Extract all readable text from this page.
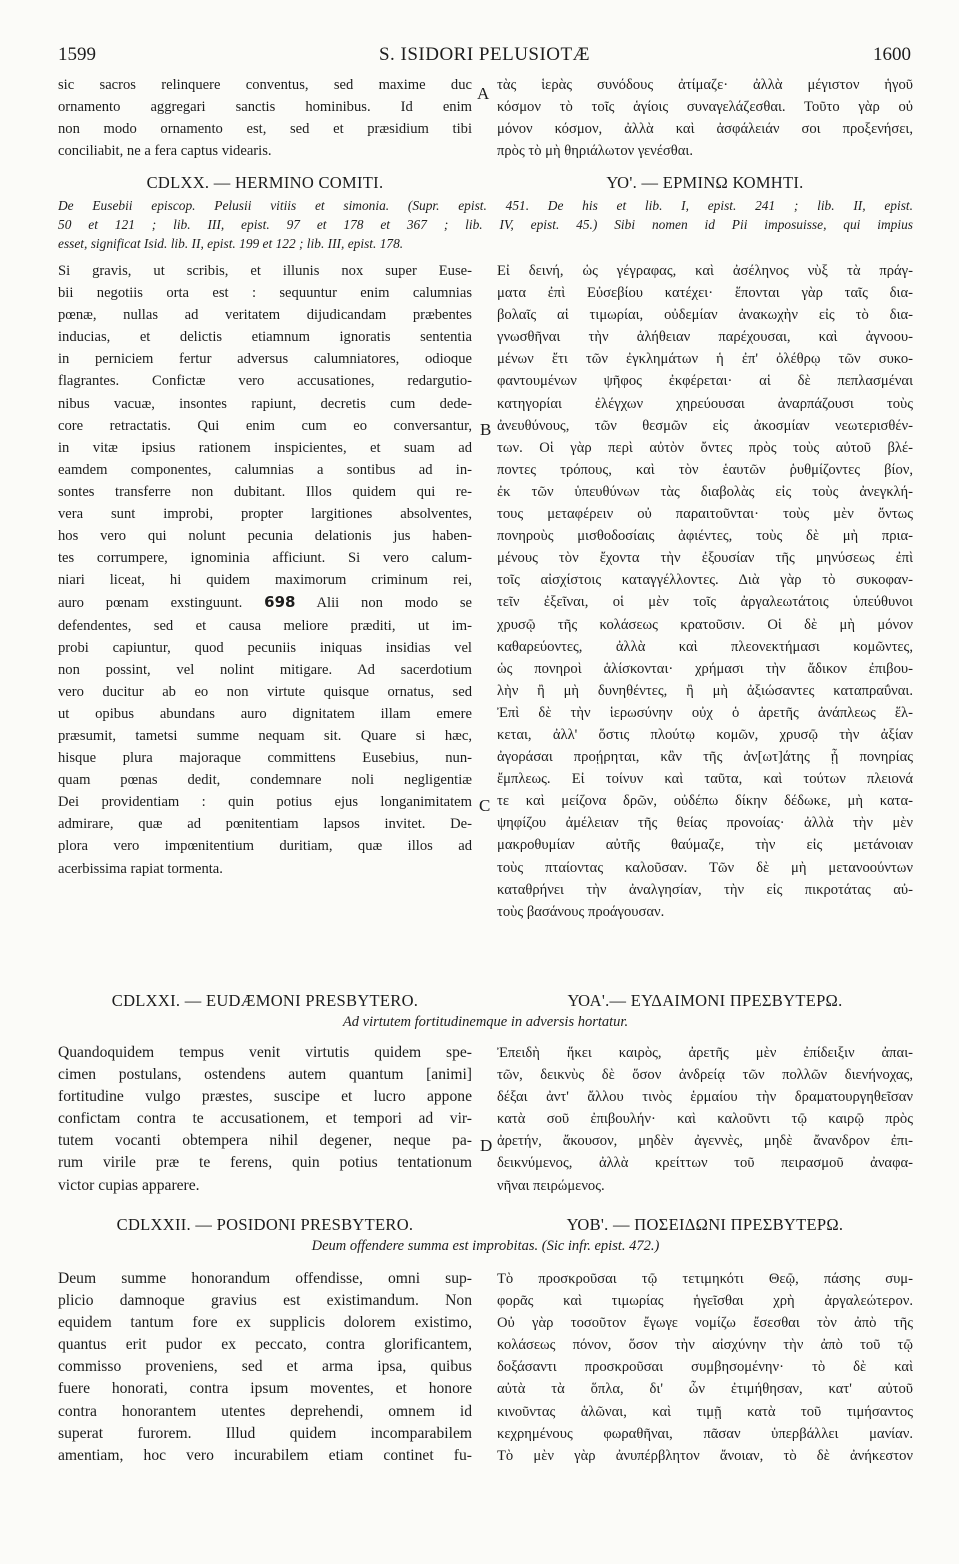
1599	S. ISIDORI PELUSIOTÆ	1600
A
B
C
D
sic sacros relinquere conventus, sed maxime duc
ornamento aggregari sanctis hominibus. Id enim
non modo ornamento est, sed et præsidium tibi
conciliabit, ne a fera captus videaris.
τὰς ἱερὰς συνόδους ἀτίμαζε· ἀλλὰ μέγιστον ἡγοῦ
κόσμον τὸ τοῖς ἁγίοις συναγελάζεσθαι. Τοῦτο γὰρ οὐ
μόνον κόσμον, ἀλλὰ καὶ ἀσφάλειάν σοι προξενήσει,
πρὸς τὸ μὴ θηριάλωτον γενέσθαι.
CDLXX. — HERMINO COMITI.	ΥΟ'. — ΕΡΜΙΝΩ ΚΟΜΗΤΙ.
De Eusebii episcop. Pelusii vitiis et simonia. (Supr. epist. 451. De his et lib. I, epist. 241 ; lib. II, epist.
50 et 121 ; lib. III, epist. 97 et 178 et 367 ; lib. IV, epist. 45.) Sibi nomen id Pii imposuisse, qui impius
esset, significat Isid. lib. II, epist. 199 et 122 ; lib. III, epist. 178.
Si gravis, ut scribis, et illunis nox super Euse-
bii negotiis orta est : sequuntur enim calumnias
pœnæ, nullas ad veritatem dijudicandam præbentes
inducias, et delictis etiamnum ignoratis sententia
in perniciem fertur adversus calumniatores, odioque
flagrantes. Confictæ vero accusationes, redargutio-
nibus vacuæ, insontes rapiunt, decretis cum dede-
core retractatis. Qui enim cum eo conversantur,
in vitæ ipsius rationem inspicientes, et suam ad
eamdem componentes, calumnias a sontibus ad in-
sontes transferre non dubitant. Illos quidem qui re-
vera sunt improbi, propter largitiones absolventes,
hos vero qui nolunt pecunia delationis jus haben-
tes corrumpere, ignominia afficiunt. Si vero calum-
niari liceat, hi quidem maximorum criminum rei,
auro pœnam exstinguunt. 698 Alii non modo se
defendentes, sed et causa meliore præditi, ut im-
probi capiuntur, quod pecuniis iniquas insidias vel
non possint, vel nolint mitigare. Ad sacerdotium
vero ducitur ab eo non virtute quisque ornatus, sed
ut opibus abundans auro dignitatem illam emere
præsumit, tametsi summe nequam sit. Quare si hæc,
hisque plura majoraque committens Eusebius, nun-
quam pœnas dedit, condemnare noli negligentiæ
Dei providentiam : quin potius ejus longanimitatem
admirare, quæ ad pœnitentiam lapsos invitet. De-
plora vero impœnitentium duritiam, quæ illos ad
acerbissima rapiat tormenta.
Εἰ δεινή, ὡς γέγραφας, καὶ ἀσέληνος νὺξ τὰ πράγ-
ματα ἐπὶ Εὐσεβίου κατέχει· ἕπονται γὰρ ταῖς δια-
βολαῖς αἱ τιμωρίαι, οὐδεμίαν ἀνακωχὴν εἰς τὸ δια-
γνωσθῆναι τὴν ἀλήθειαν παρέχουσαι, καὶ ἀγνοου-
μένων ἔτι τῶν ἐγκλημάτων ἡ ἐπ' ὀλέθρῳ τῶν συκο-
φαντουμένων ψῆφος ἐκφέρεται· αἱ δὲ πεπλασμέναι
κατηγορίαι ἐλέγχων χηρεύουσαι ἀναρπάζουσι τοὺς
ἀνευθύνους, τῶν θεσμῶν εἰς ἀκοσμίαν νεωτερισθέν-
των. Οἱ γὰρ περὶ αὐτὸν ὄντες πρὸς τοὺς αὐτοῦ βλέ-
ποντες τρόπους, καὶ τὸν ἑαυτῶν ῥυθμίζοντες βίον,
ἐκ τῶν ὑπευθύνων τὰς διαβολὰς εἰς τοὺς ἀνεγκλή-
τους μεταφέρειν οὐ παραιτοῦνται· τοὺς μὲν ὄντως
πονηροὺς μισθοδοσίαις ἀφιέντες, τοὺς δὲ μὴ πρια-
μένους τὸν ἔχοντα τὴν ἐξουσίαν τῆς μηνύσεως ἐπὶ
τοῖς αἰσχίστοις καταγγέλλοντες. Διὰ γὰρ τὸ συκοφαν-
τεῖν ἐξεῖναι, οἱ μὲν τοῖς ἀργαλεωτάτοις ὑπεύθυνοι
χρυσῷ τῆς κολάσεως κρατοῦσιν. Οἱ δὲ μὴ μόνον
καθαρεύοντες, ἀλλὰ καὶ πλεονεκτήμασι κομῶντες,
ὡς πονηροὶ ἁλίσκονται· χρήμασι τὴν ἄδικον ἐπιβου-
λὴν ἢ μὴ δυνηθέντες, ἢ μὴ ἀξιώσαντες καταπραΰναι.
Ἐπὶ δὲ τὴν ἱερωσύνην οὐχ ὁ ἀρετῆς ἀνάπλεως ἕλ-
κεται, ἀλλ' ὅστις πλούτῳ κομῶν, χρυσῷ τὴν ἀξίαν
ἀγοράσαι προῄρηται, κἂν τῆς ἀν[ωτ]άτης ᾖ πονηρίας
ἔμπλεως. Εἰ τοίνυν καὶ ταῦτα, καὶ τούτων πλειονά
τε καὶ μείζονα δρῶν, οὐδέπω δίκην δέδωκε, μὴ κατα-
ψηφίζου ἀμέλειαν τῆς θείας προνοίας· ἀλλὰ τὴν μὲν
μακροθυμίαν αὐτῆς θαύμαζε, τὴν εἰς μετάνοιαν
τοὺς πταίοντας καλοῦσαν. Τῶν δὲ μὴ μετανοούντων
καταθρήνει τὴν ἀναλγησίαν, τὴν εἰς πικροτάτας αὐ-
τοὺς βασάνους προάγουσαν.
CDLXXI. — EUDÆMONI PRESBYTERO.	ΥΟΑ'.— ΕΥΔΑΙΜΟΝΙ ΠΡΕΣΒΥΤΕΡΩ.
Ad virtutem fortitudinemque in adversis hortatur.
Quandoquidem tempus venit virtutis quidem spe-
cimen postulans, ostendens autem quantum [animi]
fortitudine vulgo præstes, suscipe et lucro appone
confictam contra te accusationem, et tempori ad vir-
tutem vocanti obtempera nihil degener, neque pa-
rum virile præ te ferens, quin potius tentationum
victor cupias apparere.
Ἐπειδὴ ἥκει καιρὸς, ἀρετῆς μὲν ἐπίδειξιν ἀπαι-
τῶν, δεικνὺς δὲ ὅσον ἀνδρείᾳ τῶν πολλῶν διενήνοχας,
δέξαι ἀντ' ἄλλου τινὸς ἑρμαίου τὴν δραματουργηθεῖσαν
κατὰ σοῦ ἐπιβουλήν· καὶ καλοῦντι τῷ καιρῷ πρὸς
ἀρετήν, ἄκουσον, μηδὲν ἀγεννὲς, μηδὲ ἄνανδρον ἐπι-
δεικνύμενος, ἀλλὰ κρείττων τοῦ πειρασμοῦ ἀναφα-
νῆναι πειρώμενος.
CDLXXII. — POSIDONI PRESBYTERO.	ΥΟΒ'. — ΠΟΣΕΙΔΩΝΙ ΠΡΕΣΒΥΤΕΡΩ.
Deum offendere summa est improbitas. (Sic infr. epist. 472.)
Deum summe honorandum offendisse, omni sup-
plicio damnoque gravius est existimandum. Non
equidem tantum fore ex supplicis dolorem existimo,
quantus erit pudor ex peccato, contra glorificantem,
commisso proveniens, sed et arma ipsa, quibus
fuere honorati, contra ipsum moventes, et honore
contra honorantem utentes deprehendi, omnem id
superat furorem. Illud quidem incomparabilem
amentiam, hoc vero incurabilem etiam continet fu-
Τὸ προσκροῦσαι τῷ τετιμηκότι Θεῷ, πάσης συμ-
φορᾶς καὶ τιμωρίας ἡγεῖσθαι χρὴ ἀργαλεώτερον.
Οὐ γὰρ τοσοῦτον ἔγωγε νομίζω ἔσεσθαι τὸν ἀπὸ τῆς
κολάσεως πόνον, ὅσον τὴν αἰσχύνην τὴν ἀπὸ τοῦ τῷ
δοξάσαντι προσκροῦσαι συμβησομένην· τὸ δὲ καὶ
αὐτὰ τὰ ὅπλα, δι' ὧν ἐτιμήθησαν, κατ' αὐτοῦ
κινοῦντας ἁλῶναι, καὶ τιμῇ κατὰ τοῦ τιμήσαντος
κεχρημένους φωραθῆναι, πᾶσαν ὑπερβάλλει μανίαν.
Τὸ μὲν γὰρ ἀνυπέρβλητον ἄνοιαν, τὸ δὲ ἀνήκεστον
